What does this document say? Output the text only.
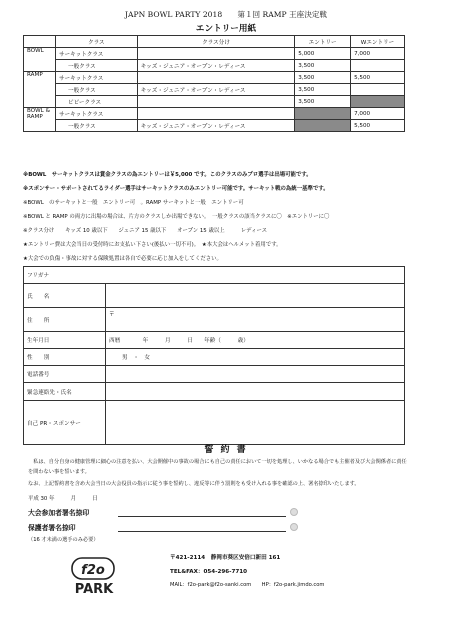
JAPN BOWL PARTY 2018　　第１回 RAMP 王座決定戦
エントリー用紙
	クラス	クラス分け	エントリー	Wエントリー
BOWL	サーキットクラス		5,000	7,000
	一般クラス	キッズ・ジュニア・オープン・レディース	3,500	
RAMP	サーキットクラス		3,500	5,500
	一般クラス	キッズ・ジュニア・オープン・レディース	3,500	
	ビビークラス		3,500	
BOWL &
RAMP	サーキットクラス			7,000
	一般クラス	キッズ・ジュニア・オープン・レディース		5,500
※BOWL　サーキットクラスは賞金クラスの為エントリーは￥5,000 です。このクラスのみプロ選手は出場可能です。
※スポンサー・サポートされてるライダー選手はサーキットクラスのみエントリー可能です。サーキット戦の為統一基準です。
※BOWL　のサーキットと一般　エントリー可　。RAMP サーキットと一般　エントリー可
※BOWL と RAMP の両方に出場の場合は、片方のクラスしか出場できない。　一般クラスの該当クラスに〇　※エントリーに〇
※クラス分け　　キッズ 10 歳以下　　ジュニア 15 歳以下　　オープン 15 歳以上　　　レディース
★エントリー費は大会当日の受付時にお支払い下さい(後払い一切不可)。　★本大会はヘルメット着用です。
★大会での負傷・事故に対する保険処置は各自で必要に応じ加入をしてください。
フリガナ	
氏　　名	
住　　所	〒
生年月日	西暦　　　　年　　　月　　　日　　年齢（　　　歳）
性　　別	男　・　女
電話番号	
緊急連絡先・氏名	
自己 PR・スポンサー	
誓 約 書
　私は、自分自身の健康管理に細心の注意を払い、大会開催中の事故の場合にも自己の責任において一切を処理し、いかなる場合でも主催者及び大会関係者に責任を問わない事を誓います。
なお、上記誓約書を含め大会当日の大会役員の指示に従う事を誓約し、違反等に伴う罰則をも受け入れる事を確認の上、署名捺印いたします。
平成 30 年　　　月　　　日
大会参加者署名捺印
保護者署名捺印
（16 才未満の選手のみ必要）
f2o
PARK
〒421-2114　静岡市葵区安倍口新田 161
TEL&FAX：054-296-7710
MAIL：f2o-park@f2o-sanki.com　　HP：f2o-park.jimdo.com
